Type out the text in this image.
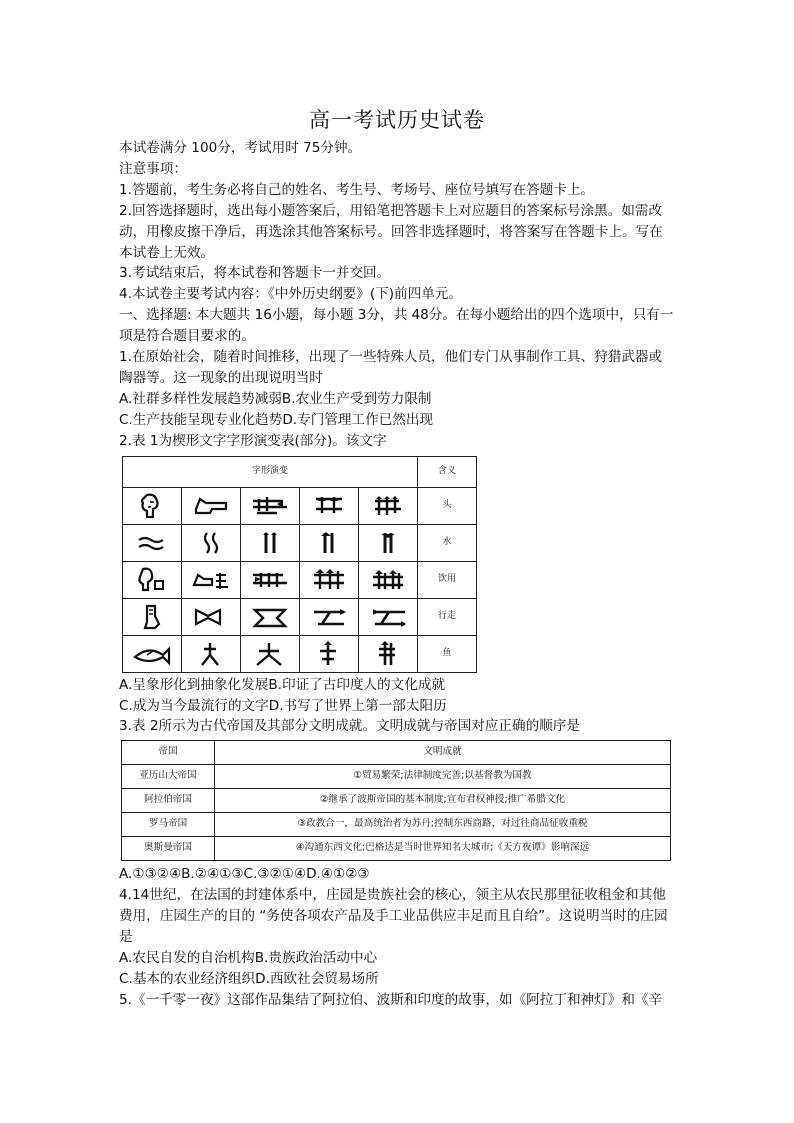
高一考试历史试卷

本试卷满分 100分，考试用时 75分钟。

注意事项：

1.答题前，考生务必将自己的姓名、考生号、考场号、座位号填写在答题卡上。

2.回答选择题时，选出每小题答案后，用铅笔把答题卡上对应题目的答案标号涂黑。如需改动，用橡皮擦干净后，再选涂其他答案标号。回答非选择题时，将答案写在答题卡上。写在本试卷上无效。

3.考试结束后，将本试卷和答题卡一并交回。

4.本试卷主要考试内容：《中外历史纲要》(下)前四单元。

一、选择题: 本大题共 16小题，每小题 3分，共 48分。在每小题给出的四个选项中，只有一项是符合题目要求的。

1.在原始社会，随着时间推移，出现了一些特殊人员，他们专门从事制作工具、狩猎武器或陶器等。这一现象的出现说明当时

A.社群多样性发展趋势减弱 B.农业生产受到劳力限制

C.生产技能呈现专业化趋势 D.专门管理工作已然出现

2.表 1为楔形文字字形演变表(部分)。该文字

字形演变					含义

	头

	水

	饮用

	行走

	鱼

A.呈象形化到抽象化发展 B.印证了古印度人的文化成就

C.成为当今最流行的文字 D.书写了世界上第一部太阳历

3.表 2所示为古代帝国及其部分文明成就。文明成就与帝国对应正确的顺序是

帝国	文明成就
亚历山大帝国	①贸易繁荣;法律制度完善;以基督教为国教
阿拉伯帝国	②继承了波斯帝国的基本制度;宣布君权神授;推广希腊文化
罗马帝国	③政教合一，最高统治者为苏丹;控制东西商路，对过往商品征收重税
奥斯曼帝国	④沟通东西文化;巴格达是当时世界知名大城市;《天方夜谭》影响深远

A.①③②④B.②④①③C.③②①④D.④①②③

4.14世纪，在法国的封建体系中，庄园是贵族社会的核心，领主从农民那里征收租金和其他费用，庄园生产的目的 “务使各项农产品及手工业品供应丰足而且自给”。这说明当时的庄园是

A.农民自发的自治机构 B.贵族政治活动中心

C.基本的农业经济组织 D.西欧社会贸易场所

5.《一千零一夜》这部作品集结了阿拉伯、波斯和印度的故事，如《阿拉丁和神灯》和《辛
